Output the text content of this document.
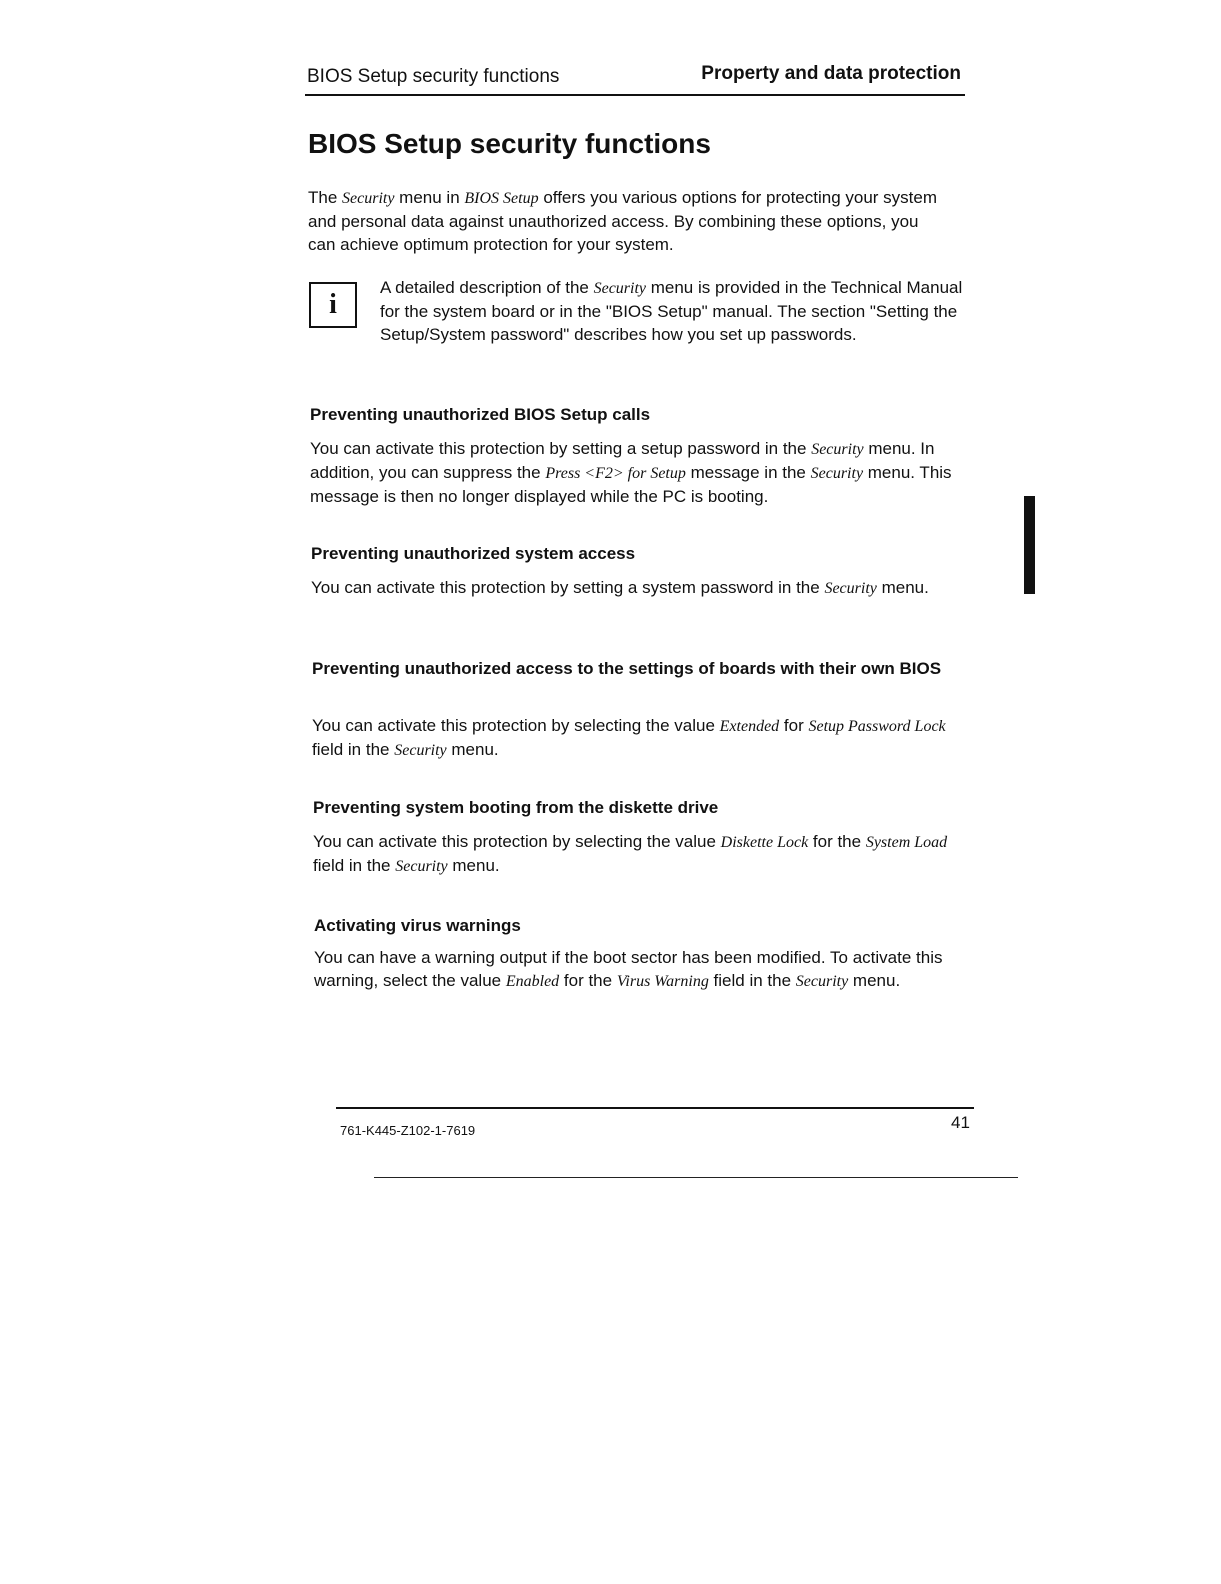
BIOS Setup security functions	Property and data protection
BIOS Setup security functions

The Security menu in BIOS Setup offers you various options for protecting your system and personal data against unauthorized access. By combining these options, you can achieve optimum protection for your system.

i

A detailed description of the Security menu is provided in the Technical Manual for the system board or in the "BIOS Setup" manual. The section "Setting the Setup/System password" describes how you set up passwords.

Preventing unauthorized BIOS Setup calls

You can activate this protection by setting a setup password in the Security menu. In addition, you can suppress the Press <F2> for Setup message in the Security menu. This message is then no longer displayed while the PC is booting.

Preventing unauthorized system access

You can activate this protection by setting a system password in the Security menu.

Preventing unauthorized access to the settings of boards with their own BIOS

You can activate this protection by selecting the value Extended for Setup Password Lock field in the Security menu.

Preventing system booting from the diskette drive

You can activate this protection by selecting the value Diskette Lock for the System Load field in the Security menu.

Activating virus warnings

You can have a warning output if the boot sector has been modified. To activate this warning, select the value Enabled for the Virus Warning field in the Security menu.

761-K445-Z102-1-7619	41
